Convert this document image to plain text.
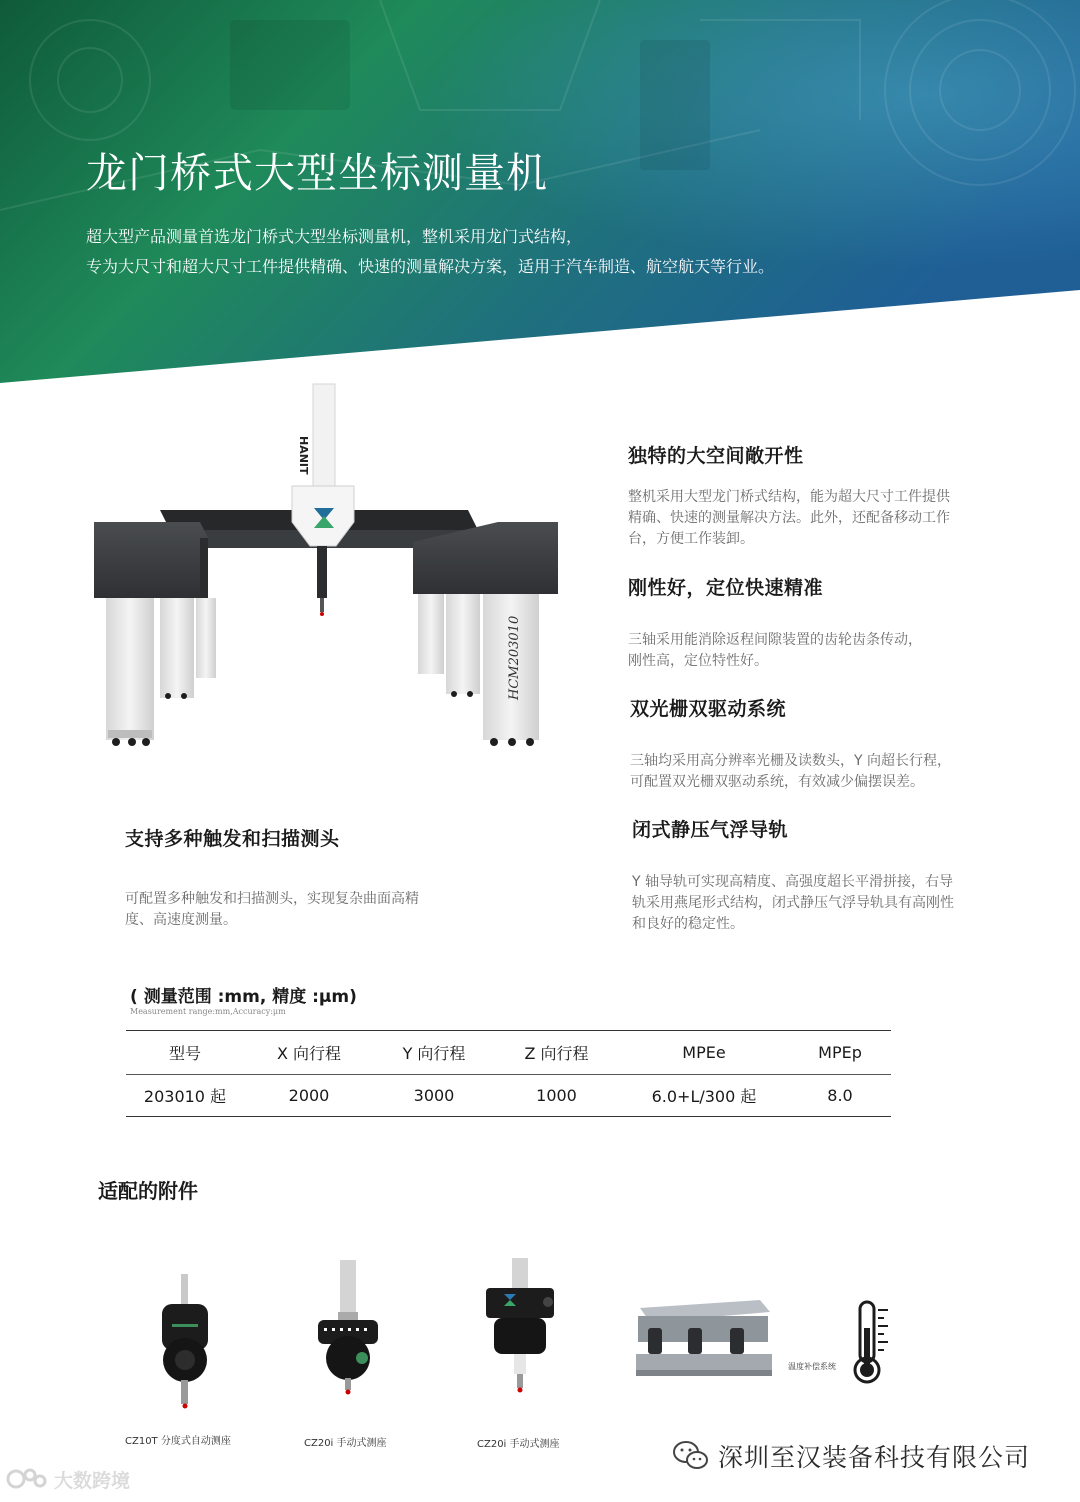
龙门桥式大型坐标测量机
超大型产品测量首选龙门桥式大型坐标测量机，整机采用龙门式结构，
专为大尺寸和超大尺寸工件提供精确、快速的测量解决方案，适用于汽车制造、航空航天等行业。
HCM203010
HANIT	独特的大空间敞开性

整机采用大型龙门桥式结构，能为超大尺寸工件提供
精确、快速的测量解决方法。此外，还配备移动工作
台，方便工作装卸。

刚性好，定位快速精准

三轴采用能消除返程间隙装置的齿轮齿条传动，
刚性高，定位特性好。

双光栅双驱动系统

三轴均采用高分辨率光栅及读数头，Y 向超长行程，
可配置双光栅双驱动系统，有效减少偏摆误差。

闭式静压气浮导轨

Y 轴导轨可实现高精度、高强度超长平滑拼接，右导
轨采用燕尾形式结构，闭式静压气浮导轨具有高刚性
和良好的稳定性。

支持多种触发和扫描测头

可配置多种触发和扫描测头，实现复杂曲面高精
度、高速度测量。

( 测量范围 :mm, 精度 :μm)
Measurement range:mm,Accuracy:μm
型号	X 向行程	Y 向行程	Z 向行程	MPEe	MPEp
203010 起	2000	3000	1000	6.0+L/300 起	8.0
适配的附件
CZ10T 分度式自动测座	CZ20i 手动式测座	CZ20i 手动式测座
温度补偿系统
深圳至汉装备科技有限公司
大数跨境
